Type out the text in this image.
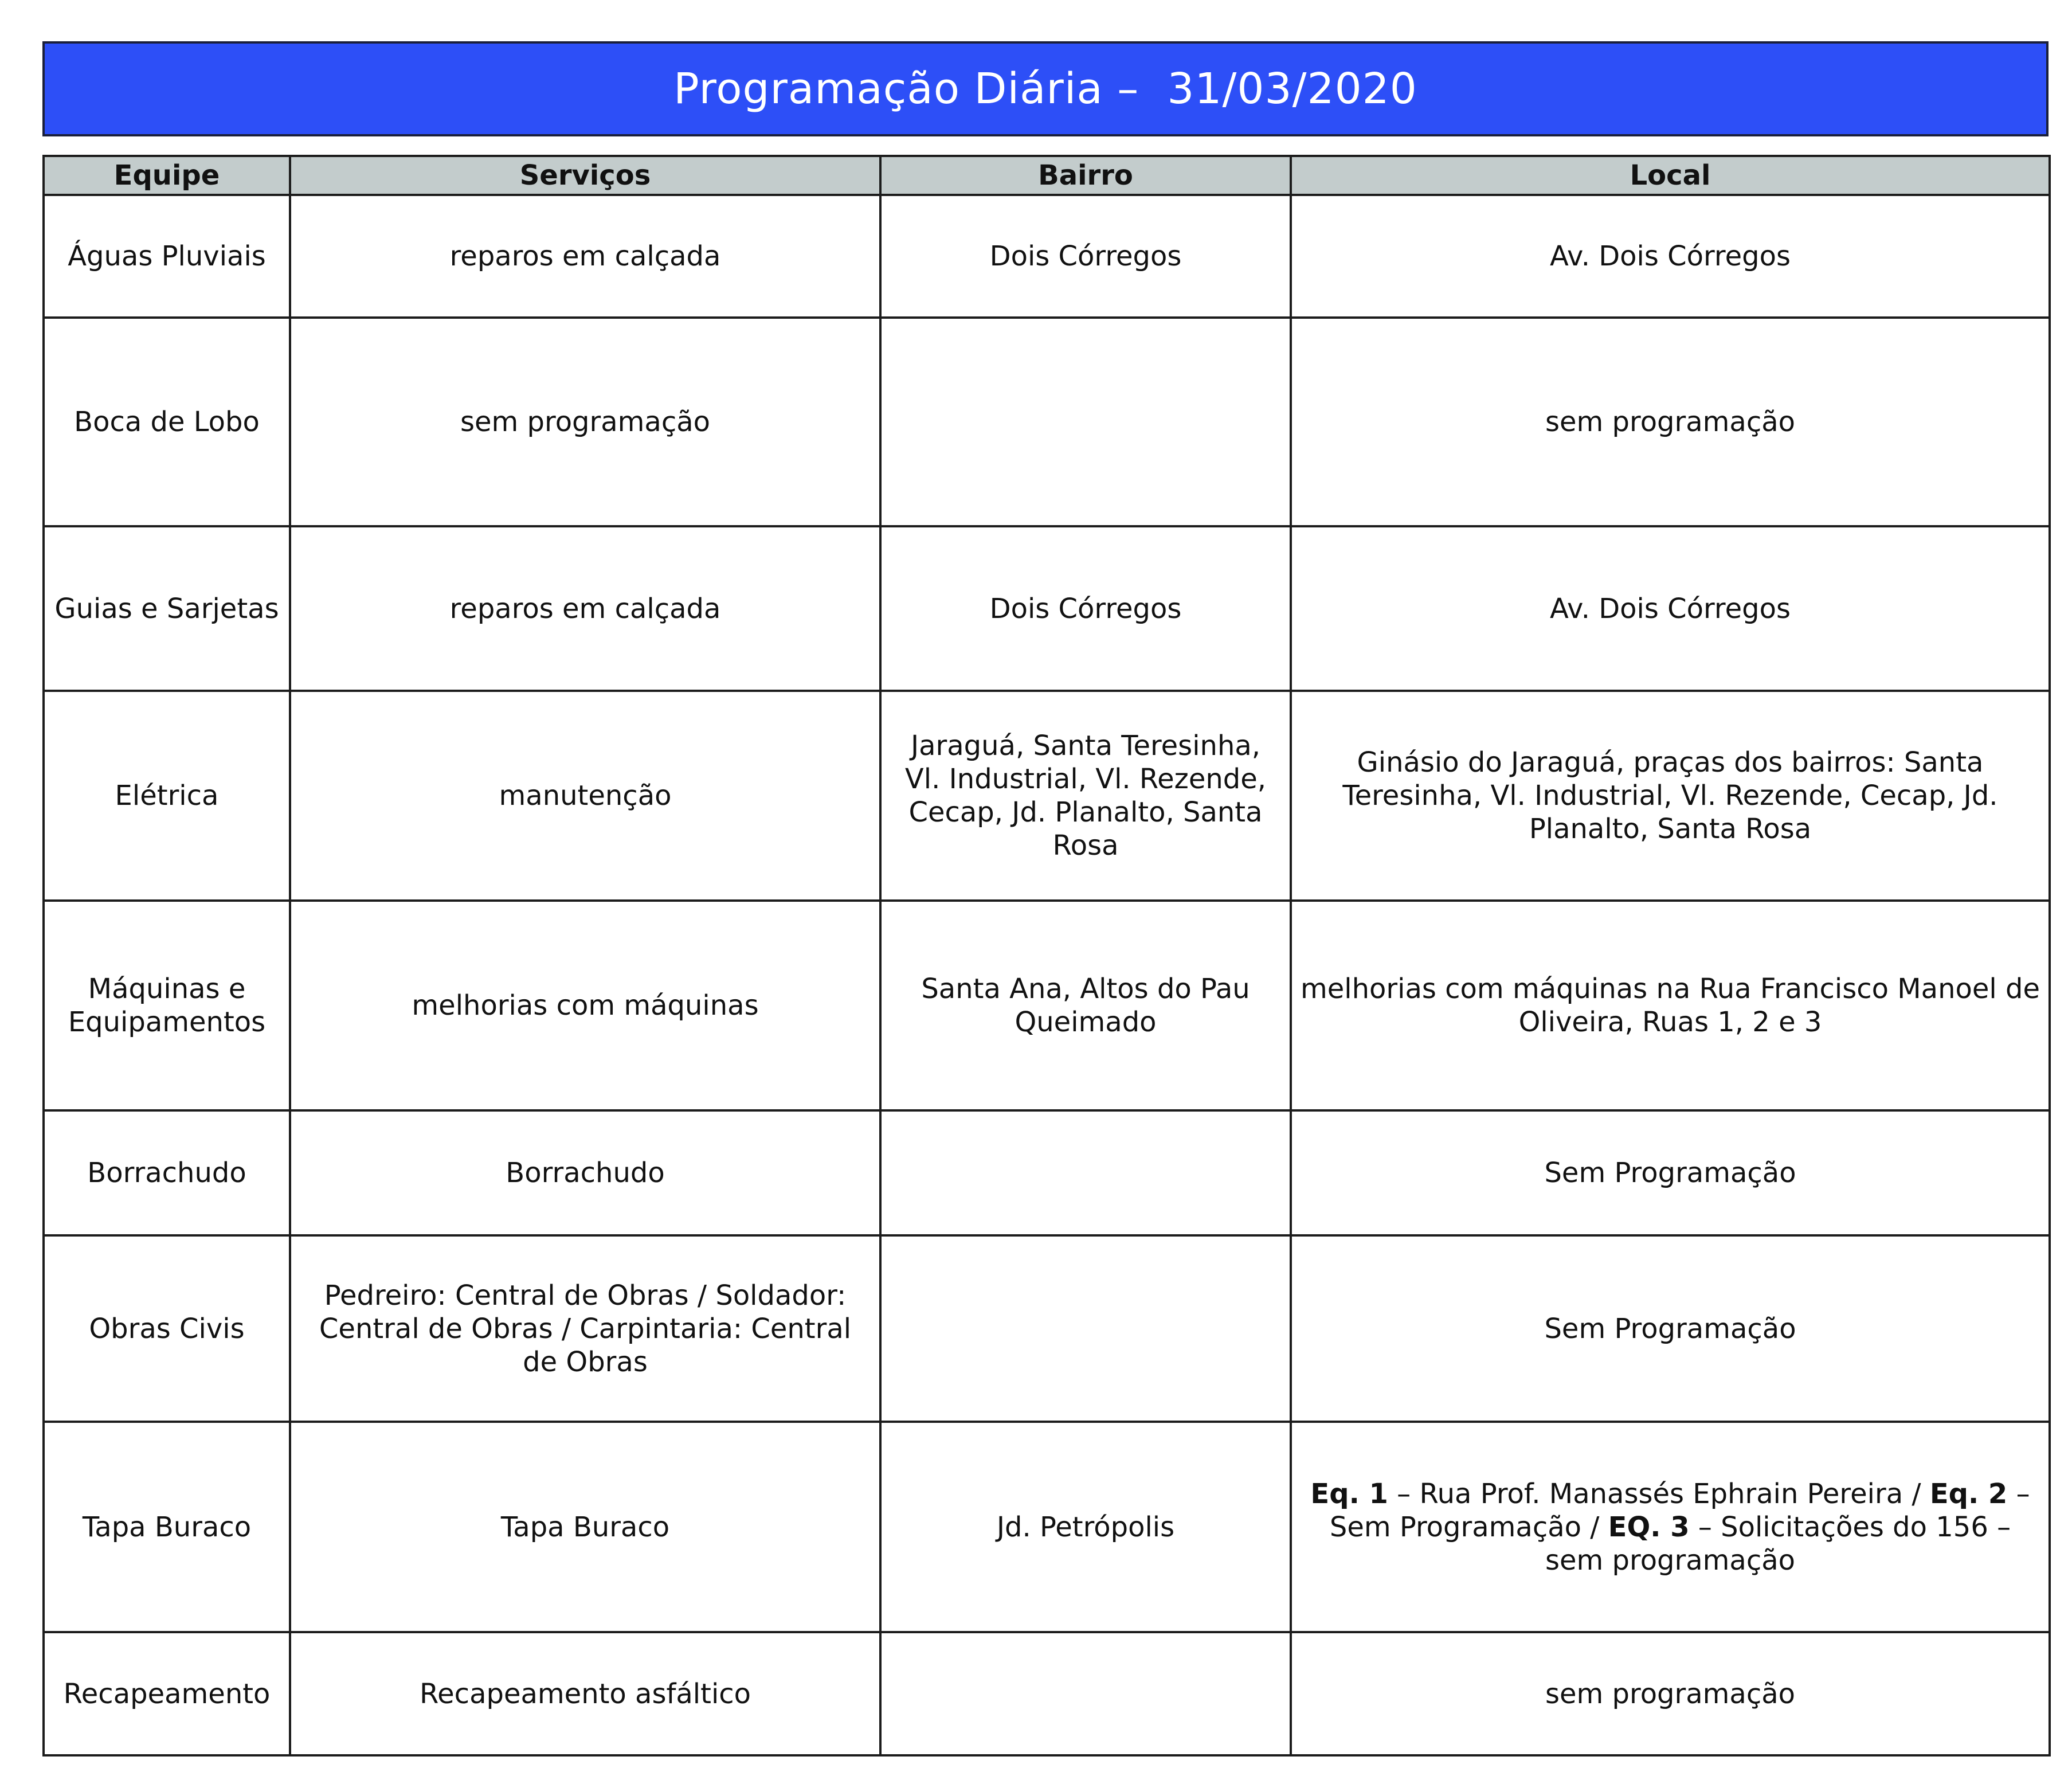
Programação Diária –  31/03/2020
Equipe	Serviços	Bairro	Local
Águas Pluviais	reparos em calçada	Dois Córregos	Av. Dois Córregos
Boca de Lobo	sem programação		sem programação
Guias e Sarjetas	reparos em calçada	Dois Córregos	Av. Dois Córregos
Elétrica	manutenção	Jaraguá, Santa Teresinha, Vl. Industrial, Vl. Rezende, Cecap, Jd. Planalto, Santa Rosa	Ginásio do Jaraguá, praças dos bairros: Santa Teresinha, Vl. Industrial, Vl. Rezende, Cecap, Jd. Planalto, Santa Rosa
Máquinas e Equipamentos	melhorias com máquinas	Santa Ana, Altos do Pau Queimado	melhorias com máquinas na Rua Francisco Manoel de Oliveira, Ruas 1, 2 e 3
Borrachudo	Borrachudo		Sem Programação
Obras Civis	Pedreiro: Central de Obras / Soldador: Central de Obras / Carpintaria: Central de Obras		Sem Programação
Tapa Buraco	Tapa Buraco	Jd. Petrópolis	Eq. 1 – Rua Prof. Manassés Ephrain Pereira / Eq. 2 – Sem Programação / EQ. 3 – Solicitações do 156 – sem programação
Recapeamento	Recapeamento asfáltico		sem programação
